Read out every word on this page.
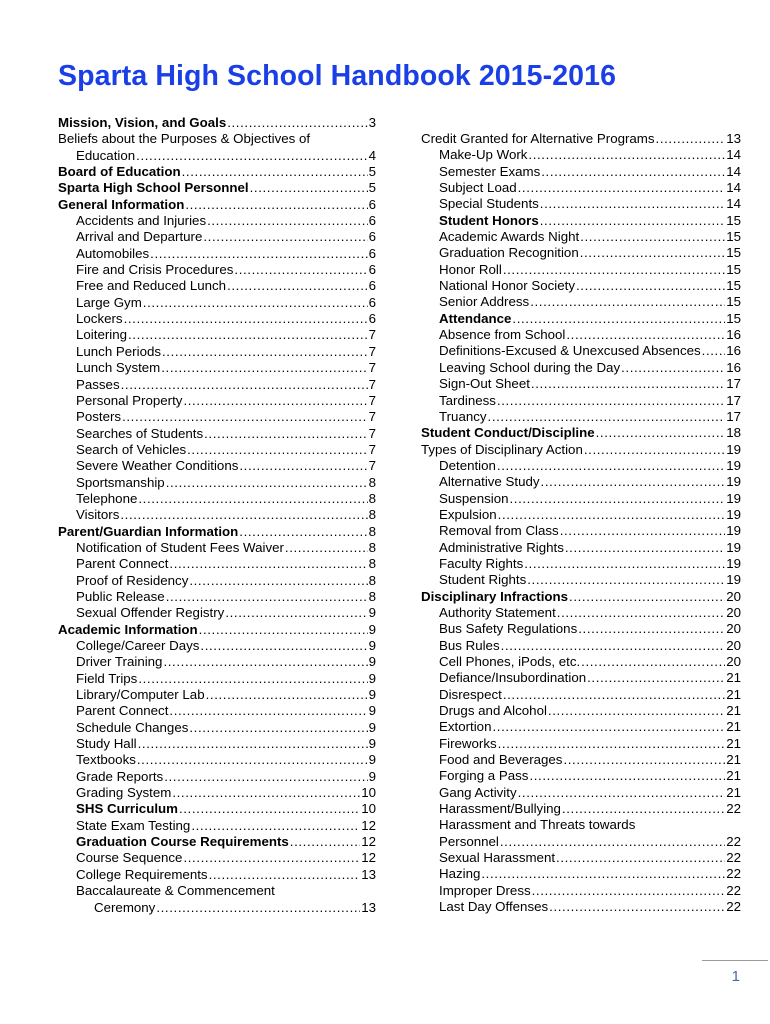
Sparta High School Handbook 2015-2016
Mission, Vision, and Goals .....	3
Beliefs about the Purposes & Objectives of
Education .....	4
Board of Education .....	5
Sparta High School Personnel .....	5
General Information .....	6
Accidents and Injuries .....	6
Arrival and Departure .....	6
Automobiles .....	6
Fire and Crisis Procedures .....	6
Free and Reduced Lunch .....	6
Large Gym .....	6
Lockers .....	6
Loitering .....	7
Lunch Periods .....	7
Lunch System .....	7
Passes .....	7
Personal Property .....	7
Posters .....	7
Searches of Students .....	7
Search of Vehicles .....	7
Severe Weather Conditions .....	7
Sportsmanship .....	8
Telephone .....	8
Visitors .....	8
Parent/Guardian Information .....	8
Notification of Student Fees Waiver .....	8
Parent Connect .....	8
Proof of Residency .....	8
Public Release .....	8
Sexual Offender Registry .....	9
Academic Information .....	9
College/Career Days .....	9
Driver Training .....	9
Field Trips .....	9
Library/Computer Lab .....	9
Parent Connect .....	9
Schedule Changes .....	9
Study Hall .....	9
Textbooks .....	9
Grade Reports .....	9
Grading System .....	10
SHS Curriculum .....	10
State Exam Testing .....	12
Graduation Course Requirements .....	12
Course Sequence .....	12
College Requirements .....	13
Baccalaureate & Commencement
Ceremony .....	13
Credit Granted for Alternative Programs .....	13
Make-Up Work .....	14
Semester Exams .....	14
Subject Load .....	14
Special Students .....	14
Student Honors .....	15
Academic Awards Night .....	15
Graduation Recognition .....	15
Honor Roll .....	15
National Honor Society .....	15
Senior Address .....	15
Attendance .....	15
Absence from School .....	16
Definitions-Excused & Unexcused Absences ..... 16
Leaving School during the Day .....	16
Sign-Out Sheet .....	17
Tardiness .....	17
Truancy .....	17
Student Conduct/Discipline .....	18
Types of Disciplinary Action .....	19
Detention .....	19
Alternative Study .....	19
Suspension .....	19
Expulsion .....	19
Removal from Class .....	19
Administrative Rights .....	19
Faculty Rights .....	19
Student Rights .....	19
Disciplinary Infractions .....	20
Authority Statement .....	20
Bus Safety Regulations .....	20
Bus Rules .....	20
Cell Phones, iPods, etc. .....	20
Defiance/Insubordination .....	21
Disrespect .....	21
Drugs and Alcohol .....	21
Extortion .....	21
Fireworks .....	21
Food and Beverages .....	21
Forging a Pass .....	21
Gang Activity .....	21
Harassment/Bullying .....	22
Harassment and Threats towards
Personnel .....	22
Sexual Harassment .....	22
Hazing .....	22
Improper Dress .....	22
Last Day Offenses .....	22
1
